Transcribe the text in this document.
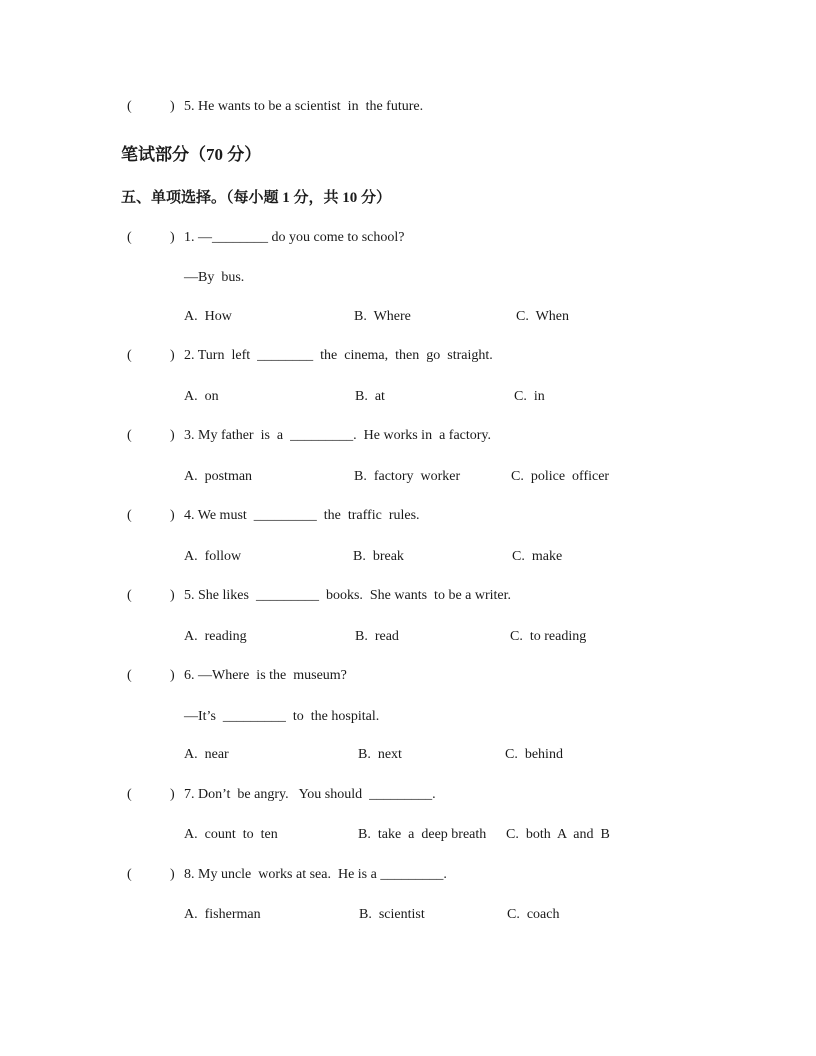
(	) 5. He wants to be a scientist  in  the future.
笔试部分（70 分）
五、单项选择。（每小题 1 分，共 10 分）
(	) 1. —________ do you come to school?
—By  bus.
A.  How	B.  Where	C.  When
(	) 2. Turn  left  ________  the  cinema,  then  go  straight.
A.  on	B.  at	C.  in
(	) 3. My father  is  a  _________.  He works in  a factory.
A.  postman	B.  factory  worker	C.  police  officer
(	) 4. We must  _________  the  traffic  rules.
A.  follow	B.  break	C.  make
(	) 5. She likes  _________  books.  She wants  to be a writer.
A.  reading	B.  read	C.  to reading
(	) 6. —Where  is the  museum?
—It’s  _________  to  the hospital.
A.  near	B.  next	C.  behind
(	) 7. Don’t  be angry.   You should  _________.
A.  count  to  ten	B.  take  a  deep breath C.  both  A  and  B
(	) 8. My uncle  works at sea.  He is a _________.
A.  fisherman	B.  scientist	C.  coach
